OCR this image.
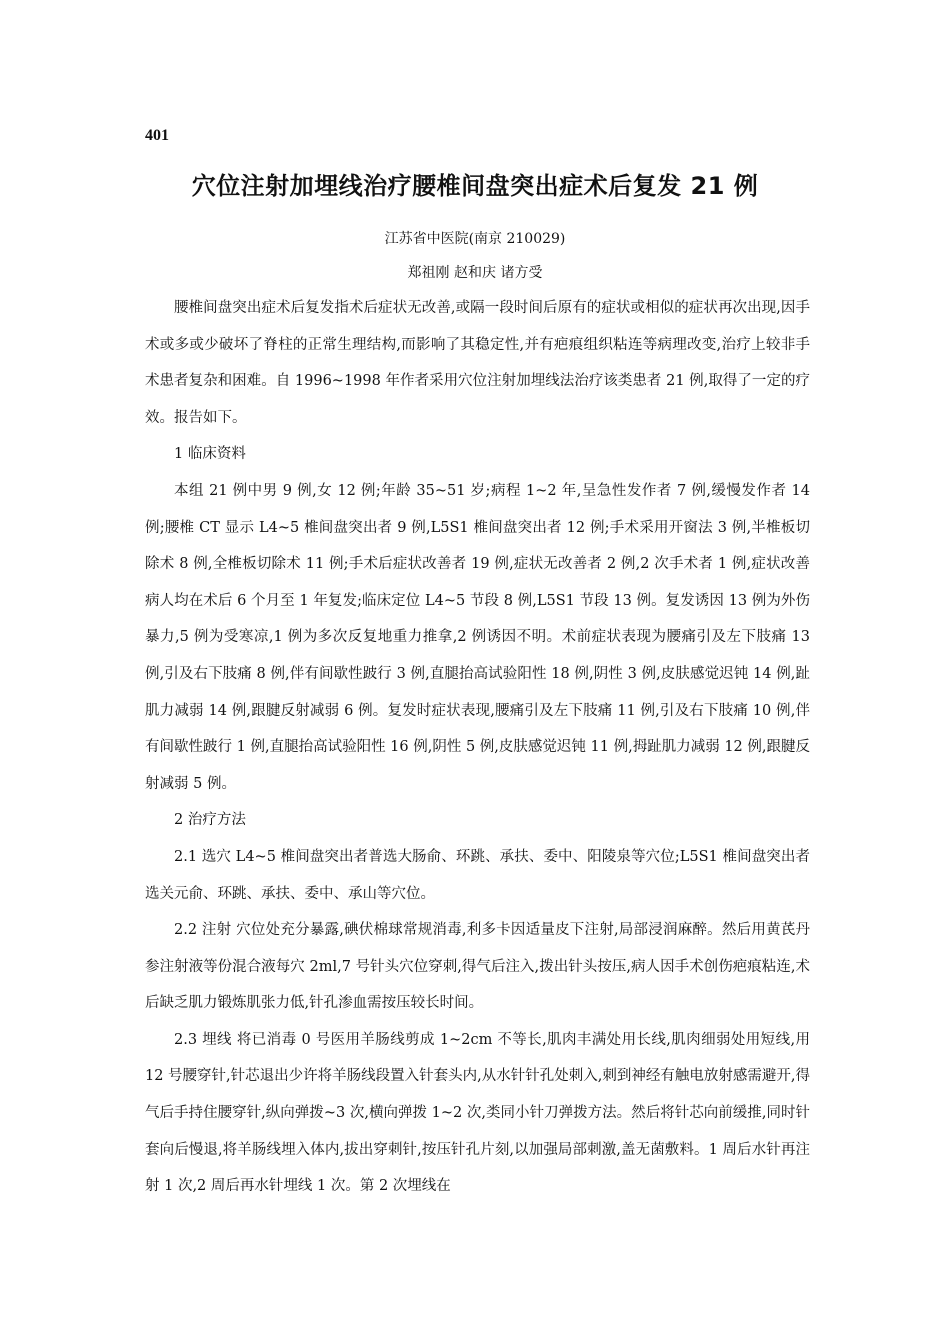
401
穴位注射加埋线治疗腰椎间盘突出症术后复发 21 例
江苏省中医院(南京 210029)
郑祖刚 赵和庆 诸方受

腰椎间盘突出症术后复发指术后症状无改善,或隔一段时间后原有的症状或相似的症状再次出现,因手术或多或少破坏了脊柱的正常生理结构,而影响了其稳定性,并有疤痕组织粘连等病理改变,治疗上较非手术患者复杂和困难。自 1996~1998 年作者采用穴位注射加埋线法治疗该类患者 21 例,取得了一定的疗效。报告如下。

1 临床资料

本组 21 例中男 9 例,女 12 例;年龄 35~51 岁;病程 1~2 年,呈急性发作者 7 例,缓慢发作者 14 例;腰椎 CT 显示 L4~5 椎间盘突出者 9 例,L5S1 椎间盘突出者 12 例;手术采用开窗法 3 例,半椎板切除术 8 例,全椎板切除术 11 例;手术后症状改善者 19 例,症状无改善者 2 例,2 次手术者 1 例,症状改善病人均在术后 6 个月至 1 年复发;临床定位 L4~5 节段 8 例,L5S1 节段 13 例。复发诱因 13 例为外伤暴力,5 例为受寒凉,1 例为多次反复地重力推拿,2 例诱因不明。术前症状表现为腰痛引及左下肢痛 13 例,引及右下肢痛 8 例,伴有间歇性跛行 3 例,直腿抬高试验阳性 18 例,阴性 3 例,皮肤感觉迟钝 14 例,趾肌力减弱 14 例,跟腱反射减弱 6 例。复发时症状表现,腰痛引及左下肢痛 11 例,引及右下肢痛 10 例,伴有间歇性跛行 1 例,直腿抬高试验阳性 16 例,阴性 5 例,皮肤感觉迟钝 11 例,拇趾肌力减弱 12 例,跟腱反射减弱 5 例。

2 治疗方法

2.1 选穴 L4~5 椎间盘突出者普选大肠俞、环跳、承扶、委中、阳陵泉等穴位;L5S1 椎间盘突出者选关元俞、环跳、承扶、委中、承山等穴位。

2.2 注射 穴位处充分暴露,碘伏棉球常规消毒,利多卡因适量皮下注射,局部浸润麻醉。然后用黄芪丹参注射液等份混合液每穴 2ml,7 号针头穴位穿刺,得气后注入,拨出针头按压,病人因手术创伤疤痕粘连,术后缺乏肌力锻炼肌张力低,针孔渗血需按压较长时间。

2.3 埋线 将已消毒 0 号医用羊肠线剪成 1~2cm 不等长,肌肉丰满处用长线,肌肉细弱处用短线,用 12 号腰穿针,针芯退出少许将羊肠线段置入针套头内,从水针针孔处刺入,刺到神经有触电放射感需避开,得气后手持住腰穿针,纵向弹拨~3 次,横向弹拨 1~2 次,类同小针刀弹拨方法。然后将针芯向前缓推,同时针套向后慢退,将羊肠线埋入体内,拔出穿刺针,按压针孔片刻,以加强局部刺激,盖无菌敷料。1 周后水针再注射 1 次,2 周后再水针埋线 1 次。第 2 次埋线在
